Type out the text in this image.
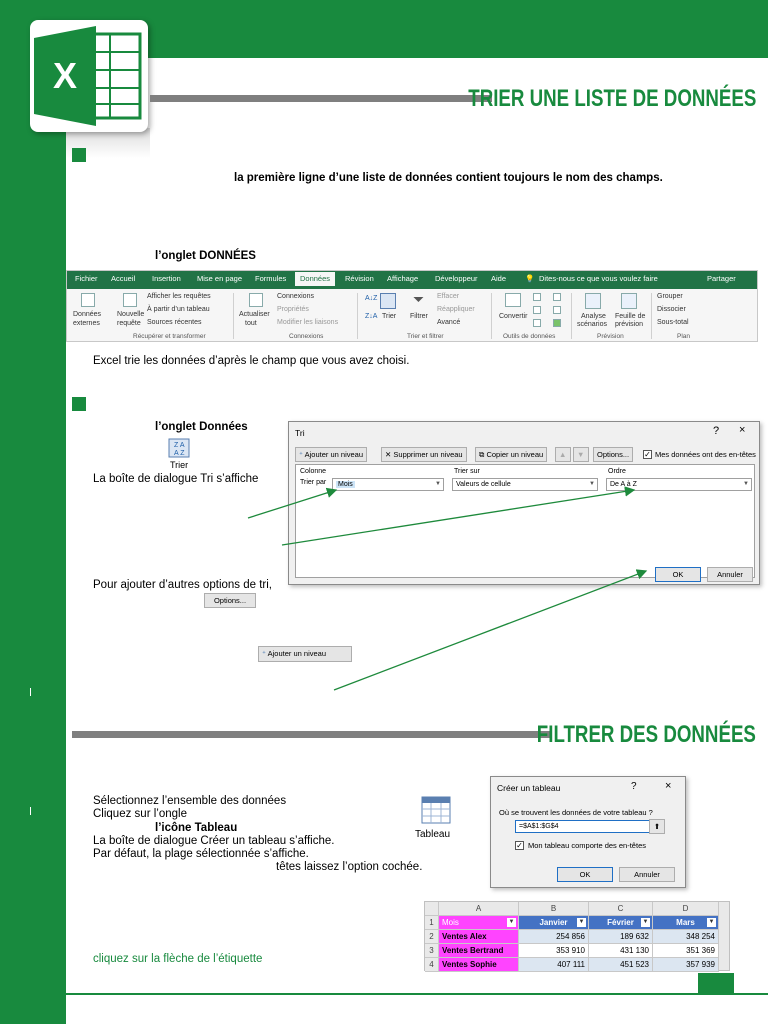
X
TRIER UNE LISTE DE DONNÉES
la première ligne d’une liste de données contient toujours le nom des champs.
l’onglet DONNÉES
Fichier Accueil Insertion Mise en page Formules	Données	Révision Affichage Développeur Aide	💡 Dites-nous ce que vous voulez faire	Partager
Données
externes
Nouvelle
requête
Afficher les requêtes
À partir d’un tableau
Sources récentes
Récupérer et transformer
Actualiser
tout
Connexions
Propriétés
Modifier les liaisons
Connexions
A↓Z
Z↓A Trier
⏷
Filtrer
Effacer
Réappliquer
Avancé
Trier et filtrer
Convertir
Outils de données
Analyse
scénarios
Feuille de
prévision
Prévision
Grouper
Dissocier
Sous-total
Plan
Excel trie les données d’après le champ que vous avez choisi.
l’onglet Données
Z A
A Z
Trier
La boîte de dialogue Tri s’affiche
Tri	? ×
⁺ Ajouter un niveau	✕ Supprimer un niveau	⧉ Copier un niveau	▲	▼	Options...	✓ Mes données ont des en-têtes
Colonne	Trier sur	Ordre
Trier par	Mois	▼	Valeurs de cellule	▼	De A à Z	▼
OK	Annuler
Pour ajouter d’autres options de tri,
Options...
⁺ Ajouter un niveau
FILTRER DES DONNÉES
Sélectionnez l’ensemble des données
Cliquez sur l’ongle
l’icône Tableau
La boîte de dialogue Créer un tableau s’affiche.
Par défaut, la plage sélectionnée s’affiche.
têtes laissez l’option cochée.
Tableau
Créer un tableau	?	×
Où se trouvent les données de votre tableau ?
=$A$1:$G$4	⬆
✓ Mon tableau comporte des en-têtes
OK	Annuler
A	B	C	D
1	Mois	▼	Janvier ▼	Février ▼	Mars ▼
2	Ventes Alex	254 856	189 632	348 254
3	Ventes Bertrand	353 910	431 130	351 369
4	Ventes Sophie	407 111	451 523	357 939
cliquez sur la flèche de l’étiquette
